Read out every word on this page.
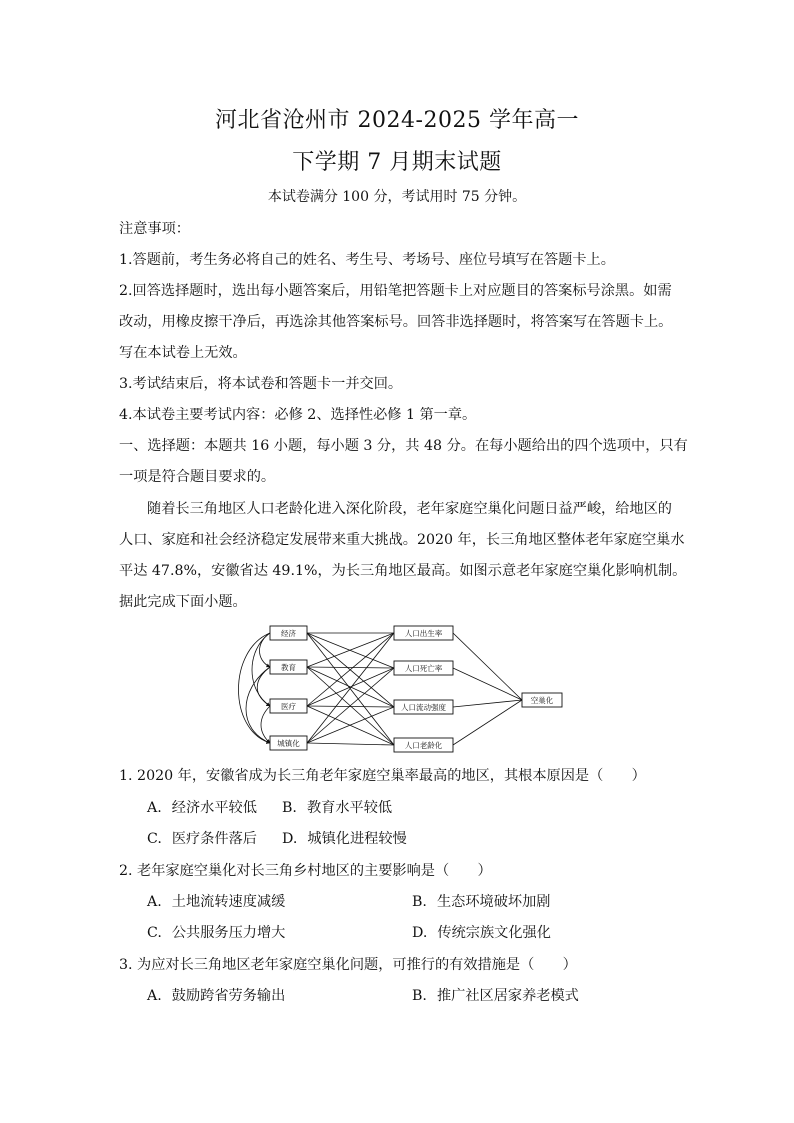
河北省沧州市 2024-2025 学年高一
下学期 7 月期末试题
本试卷满分 100 分，考试用时 75 分钟。
注意事项：
1.答题前，考生务必将自己的姓名、考生号、考场号、座位号填写在答题卡上。
2.回答选择题时，选出每小题答案后，用铅笔把答题卡上对应题目的答案标号涂黑。如需
改动，用橡皮擦干净后，再选涂其他答案标号。回答非选择题时，将答案写在答题卡上。
写在本试卷上无效。
3.考试结束后，将本试卷和答题卡一并交回。
4.本试卷主要考试内容：必修 2、选择性必修 1 第一章。
一、选择题：本题共 16 小题，每小题 3 分，共 48 分。在每小题给出的四个选项中，只有
一项是符合题目要求的。
随着长三角地区人口老龄化进入深化阶段，老年家庭空巢化问题日益严峻，给地区的
人口、家庭和社会经济稳定发展带来重大挑战。2020 年，长三角地区整体老年家庭空巢水
平达 47.8%，安徽省达 49.1%，为长三角地区最高。如图示意老年家庭空巢化影响机制。
据此完成下面小题。
经济
教育
医疗
城镇化
人口出生率
人口死亡率
人口流动强度
人口老龄化
空巢化
1. 2020 年，安徽省成为长三角老年家庭空巢率最高的地区，其根本原因是（　　）
A. 经济水平较低 B. 教育水平较低
C. 医疗条件落后 D. 城镇化进程较慢
2. 老年家庭空巢化对长三角乡村地区的主要影响是（　　）
A. 土地流转速度减缓	B. 生态环境破坏加剧
C. 公共服务压力增大	D. 传统宗族文化强化
3. 为应对长三角地区老年家庭空巢化问题，可推行的有效措施是（　　）
A. 鼓励跨省劳务输出	B. 推广社区居家养老模式
